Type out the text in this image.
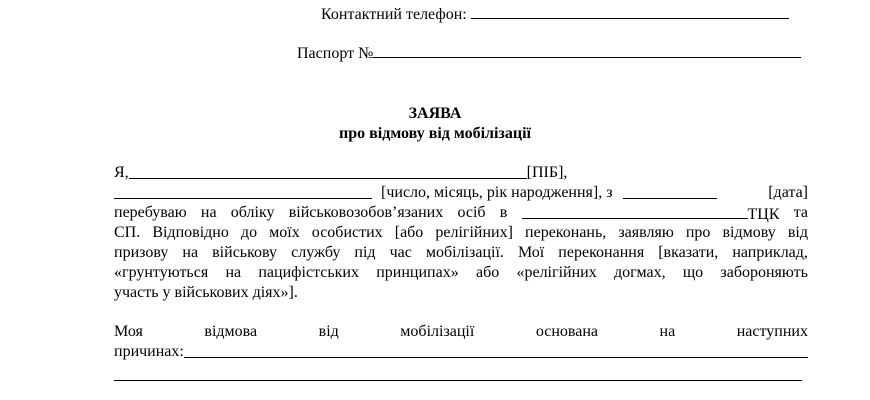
Контактний телефон:
Паспорт №
ЗАЯВА
про відмову від мобілізації
Я,	[ПІБ],
[число, місяць, рік народження], з	[дата]
перебуваю на обліку військовозобов’язаних осіб в	ТЦК та
СП. Відповідно до моїх особистих [або релігійних] переконань, заявляю про відмову від
призову на військову службу під час мобілізації. Мої переконання [вказати, наприклад,
«грунтуються на пацифістських принципах» або «релігійних догмах, що забороняють
участь у військових діях»].
Моя	відмова	від	мобілізації	основана	на	наступних
причинах:
